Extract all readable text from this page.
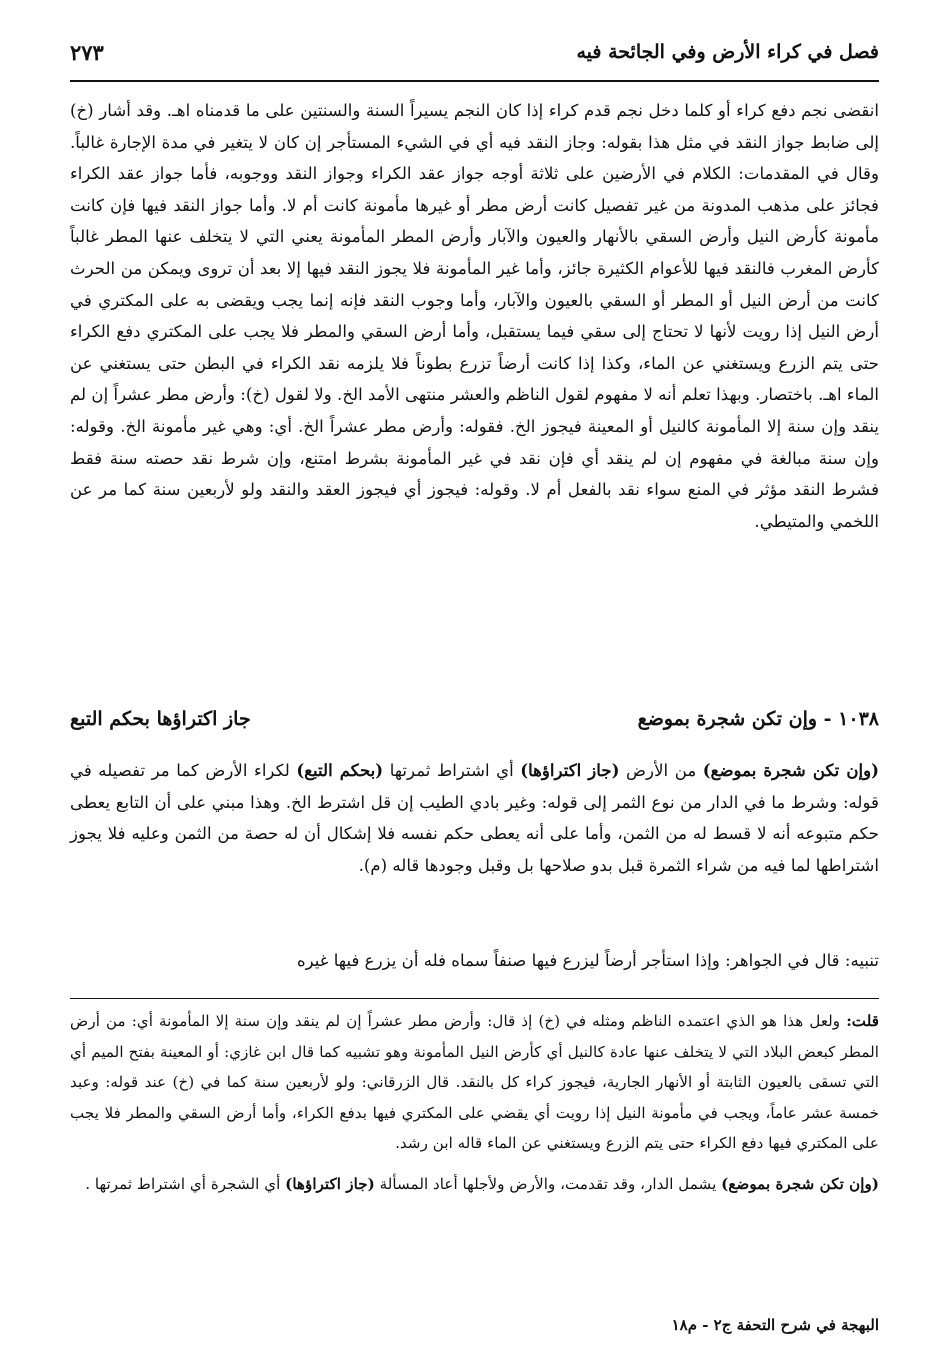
فصل في كراء الأرض وفي الجائحة فيه
٢٧٣

انقضى نجم دفع كراء أو كلما دخل نجم قدم كراء إذا كان النجم يسيراً السنة والسنتين على ما قدمناه اهـ. وقد أشار (خ) إلى ضابط جواز النقد في مثل هذا بقوله: وجاز النقد فيه أي في الشيء المستأجر إن كان لا يتغير في مدة الإجارة غالباً. وقال في المقدمات: الكلام في الأرضين على ثلاثة أوجه جواز عقد الكراء وجواز النقد ووجوبه، فأما جواز عقد الكراء فجائز على مذهب المدونة من غير تفصيل كانت أرض مطر أو غيرها مأمونة كانت أم لا. وأما جواز النقد فيها فإن كانت مأمونة كأرض النيل وأرض السقي بالأنهار والعيون والآبار وأرض المطر المأمونة يعني التي لا يتخلف عنها المطر غالباً كأرض المغرب فالنقد فيها للأعوام الكثيرة جائز، وأما غير المأمونة فلا يجوز النقد فيها إلا بعد أن تروى ويمكن من الحرث كانت من أرض النيل أو المطر أو السقي بالعيون والآبار، وأما وجوب النقد فإنه إنما يجب ويقضى به على المكتري في أرض النيل إذا رويت لأنها لا تحتاج إلى سقي فيما يستقبل، وأما أرض السقي والمطر فلا يجب على المكتري دفع الكراء حتى يتم الزرع ويستغني عن الماء، وكذا إذا كانت أرضاً تزرع بطوناً فلا يلزمه نقد الكراء في البطن حتى يستغني عن الماء اهـ. باختصار. وبهذا تعلم أنه لا مفهوم لقول الناظم والعشر منتهى الأمد الخ. ولا لقول (خ): وأرض مطر عشراً إن لم ينقد وإن سنة إلا المأمونة كالنيل أو المعينة فيجوز الخ. فقوله: وأرض مطر عشراً الخ. أي: وهي غير مأمونة الخ. وقوله: وإن سنة مبالغة في مفهوم إن لم ينقد أي فإن نقد في غير المأمونة بشرط امتنع، وإن شرط نقد حصته سنة فقط فشرط النقد مؤثر في المنع سواء نقد بالفعل أم لا. وقوله: فيجوز أي فيجوز العقد والنقد ولو لأربعين سنة كما مر عن اللخمي والمتيطي.

١٠٣٨ - وإن تكن شجرة بموضع
جاز اكتراؤها بحكم التبع

(وإن تكن شجرة بموضع) من الأرض (جاز اكتراؤها) أي اشتراط ثمرتها (بحكم التبع) لكراء الأرض كما مر تفصيله في قوله: وشرط ما في الدار من نوع الثمر إلى قوله: وغير بادي الطيب إن قل اشترط الخ. وهذا مبني على أن التابع يعطى حكم متبوعه أنه لا قسط له من الثمن، وأما على أنه يعطى حكم نفسه فلا إشكال أن له حصة من الثمن وعليه فلا يجوز اشتراطها لما فيه من شراء الثمرة قبل بدو صلاحها بل وقبل وجودها قاله (م).

تنبيه: قال في الجواهر: وإذا استأجر أرضاً ليزرع فيها صنفاً سماه فله أن يزرع فيها غيره

قلت: ولعل هذا هو الذي اعتمده الناظم ومثله في (خ) إذ قال: وأرض مطر عشراً إن لم ينقد وإن سنة إلا المأمونة أي: من أرض المطر كبعض البلاد التي لا يتخلف عنها عادة كالنيل أي كأرض النيل المأمونة وهو تشبيه كما قال ابن غازي: أو المعينة بفتح الميم أي التي تسقى بالعيون الثابتة أو الأنهار الجارية، فيجوز كراء كل بالنقد. قال الزرقاني: ولو لأربعين سنة كما في (خ) عند قوله: وعبد خمسة عشر عاماً، ويجب في مأمونة النيل إذا رويت أي يقضي على المكتري فيها بدفع الكراء، وأما أرض السقي والمطر فلا يجب على المكتري فيها دفع الكراء حتى يتم الزرع ويستغني عن الماء قاله ابن رشد.

(وإن تكن شجرة بموضع) يشمل الدار، وقد تقدمت، والأرض ولأجلها أعاد المسألة (جاز اكتراؤها) أي الشجرة أي اشتراط ثمرتها .

البهجة في شرح التحفة ج٢ - م١٨
